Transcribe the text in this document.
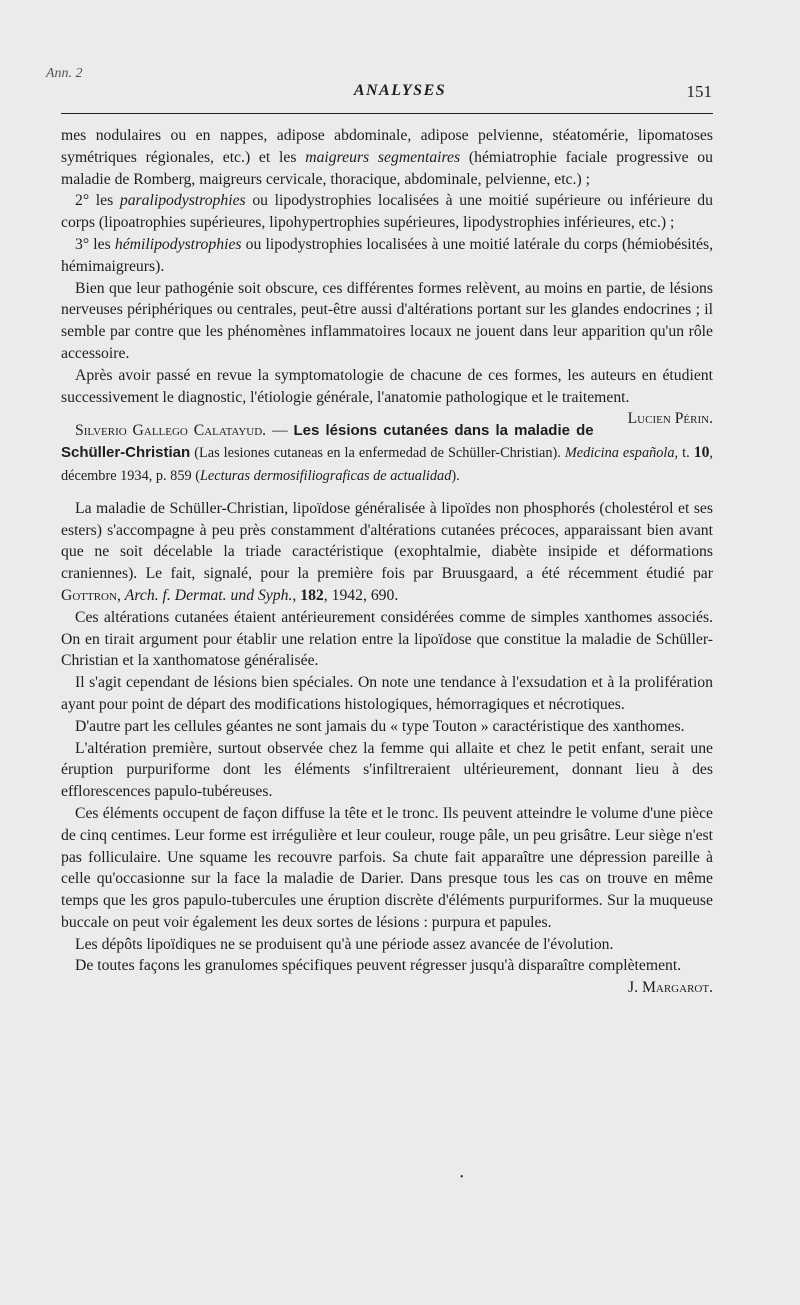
Ann. 2
ANALYSES	151

mes nodulaires ou en nappes, adipose abdominale, adipose pelvienne, stéatomérie, lipomatoses symétriques régionales, etc.) et les maigreurs segmentaires (hémiatrophie faciale progressive ou maladie de Romberg, maigreurs cervicale, thoracique, abdominale, pelvienne, etc.) ;

2° les paralipodystrophies ou lipodystrophies localisées à une moitié supérieure ou inférieure du corps (lipoatrophies supérieures, lipohypertrophies supérieures, lipodystrophies inférieures, etc.) ;

3° les hémilipodystrophies ou lipodystrophies localisées à une moitié latérale du corps (hémiobésités, hémimaigreurs).

Bien que leur pathogénie soit obscure, ces différentes formes relèvent, au moins en partie, de lésions nerveuses périphériques ou centrales, peut-être aussi d'altérations portant sur les glandes endocrines ; il semble par contre que les phénomènes inflammatoires locaux ne jouent dans leur apparition qu'un rôle accessoire.

Après avoir passé en revue la symptomatologie de chacune de ces formes, les auteurs en étudient successivement le diagnostic, l'étiologie générale, l'anatomie pathologique et le traitement.
Lucien Périn.

Silverio Gallego Calatayud. — Les lésions cutanées dans la maladie de Schüller-Christian (Las lesiones cutaneas en la enfermedad de Schüller-Christian). Medicina española, t. 10, décembre 1934, p. 859 (Lecturas dermosifiliograficas de actualidad).

La maladie de Schüller-Christian, lipoïdose généralisée à lipoïdes non phosphorés (cholestérol et ses esters) s'accompagne à peu près constamment d'altérations cutanées précoces, apparaissant bien avant que ne soit décelable la triade caractéristique (exophtalmie, diabète insipide et déformations craniennes). Le fait, signalé, pour la première fois par Bruusgaard, a été récemment étudié par Gottron, Arch. f. Dermat. und Syph., 182, 1942, 690.

Ces altérations cutanées étaient antérieurement considérées comme de simples xanthomes associés. On en tirait argument pour établir une relation entre la lipoïdose que constitue la maladie de Schüller-Christian et la xanthomatose généralisée.

Il s'agit cependant de lésions bien spéciales. On note une tendance à l'exsudation et à la prolifération ayant pour point de départ des modifications histologiques, hémorragiques et nécrotiques.

D'autre part les cellules géantes ne sont jamais du « type Touton » caractéristique des xanthomes.

L'altération première, surtout observée chez la femme qui allaite et chez le petit enfant, serait une éruption purpuriforme dont les éléments s'infiltreraient ultérieurement, donnant lieu à des efflorescences papulo-tubéreuses.

Ces éléments occupent de façon diffuse la tête et le tronc. Ils peuvent atteindre le volume d'une pièce de cinq centimes. Leur forme est irrégulière et leur couleur, rouge pâle, un peu grisâtre. Leur siège n'est pas folliculaire. Une squame les recouvre parfois. Sa chute fait apparaître une dépression pareille à celle qu'occasionne sur la face la maladie de Darier. Dans presque tous les cas on trouve en même temps que les gros papulo-tubercules une éruption discrète d'éléments purpuriformes. Sur la muqueuse buccale on peut voir également les deux sortes de lésions : purpura et papules.

Les dépôts lipoïdiques ne se produisent qu'à une période assez avancée de l'évolution.

De toutes façons les granulomes spécifiques peuvent régresser jusqu'à disparaître complètement.
J. Margarot.

•
